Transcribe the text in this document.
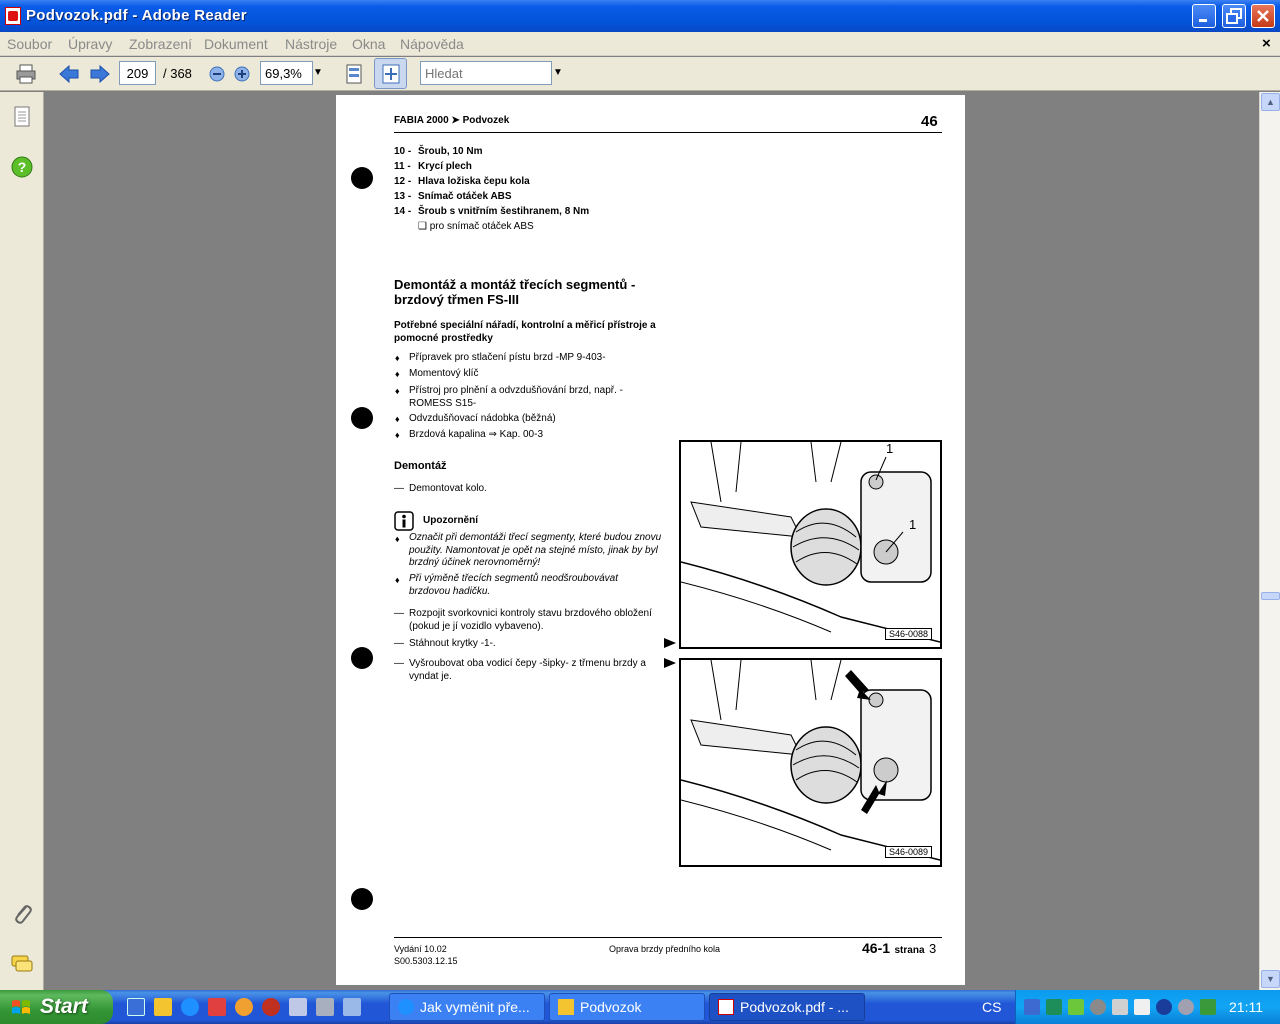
Podvozok.pdf - Adobe Reader
Soubor Úpravy Zobrazení Dokument Nástroje Okna Nápověda	×
209
/ 368
69,3%	▼
Hledat	▼
?
FABIA 2000 ➤ Podvozek	46
10 - Šroub, 10 Nm
11 - Krycí plech
12 - Hlava ložiska čepu kola
13 - Snímač otáček ABS
14 - Šroub s vnitřním šestihranem, 8 Nm
❑ pro snímač otáček ABS
Demontáž a montáž třecích segmentů - brzdový třmen FS-III
Potřebné speciální nářadí, kontrolní a měřicí přístroje a pomocné prostředky
♦ Přípravek pro stlačení pístu brzd -MP 9-403-
♦ Momentový klíč
♦ Přístroj pro plnění a odvzdušňování brzd, např. -ROMESS S15-
♦ Odvzdušňovací nádobka (běžná)
♦ Brzdová kapalina ⇒ Kap. 00-3
Demontáž
— Demontovat kolo.
Upozornění
♦ Označit při demontáži třecí segmenty, které budou znovu použity. Namontovat je opět na stejné místo, jinak by byl brzdný účinek nerovnoměrný!
♦ Při výměně třecích segmentů neodšroubovávat brzdovou hadičku.
— Rozpojit svorkovnici kontroly stavu brzdového obložení (pokud je jí vozidlo vybaveno).
— Stáhnout krytky -1-.
— Vyšroubovat oba vodicí čepy -šipky- z třmenu brzdy a vyndat je.
1
1
S46-0088
S46-0089
Vydání 10.02
S00.5303.12.15
Oprava brzdy předního kola	46-1 strana 3
▲
▼
Start	Jak vyměnit pře...	Podvozok	Podvozok.pdf - ...	CS	21:11
